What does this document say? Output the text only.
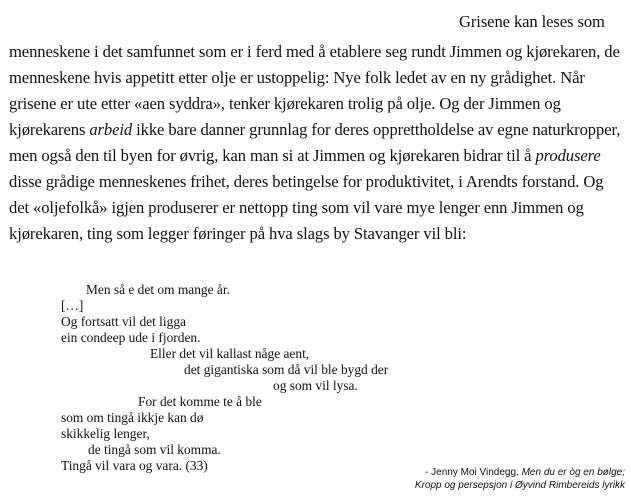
Grisene kan leses som
menneskene i det samfunnet som er i ferd med å etablere seg rundt Jimmen og kjørekaren, de
menneskene hvis appetitt etter olje er ustoppelig: Nye folk ledet av en ny grådighet. Når
grisene er ute etter «aen syddra», tenker kjørekaren trolig på olje. Og der Jimmen og
kjørekarens arbeid ikke bare danner grunnlag for deres opprettholdelse av egne naturkropper,
men også den til byen for øvrig, kan man si at Jimmen og kjørekaren bidrar til å produsere
disse grådige menneskenes frihet, deres betingelse for produktivitet, i Arendts forstand. Og
det «oljefolkå» igjen produserer er nettopp ting som vil vare mye lenger enn Jimmen og
kjørekaren, ting som legger føringer på hva slags by Stavanger vil bli:
Men så e det om mange år.
[…]
Og fortsatt vil det ligga
ein condeep ude i fjorden.
Eller det vil kallast någe aent,
det gigantiska som då vil ble bygd der
og som vil lysa.
For det komme te å ble
som om tingå ikkje kan dø
skikkelig lenger,
de tingå som vil komma.
Tingå vil vara og vara. (33)	- Jenny Moi Vindegg, Men du er òg en bølge;
Kropp og persepsjon i Øyvind Rimbereids lyrikk
